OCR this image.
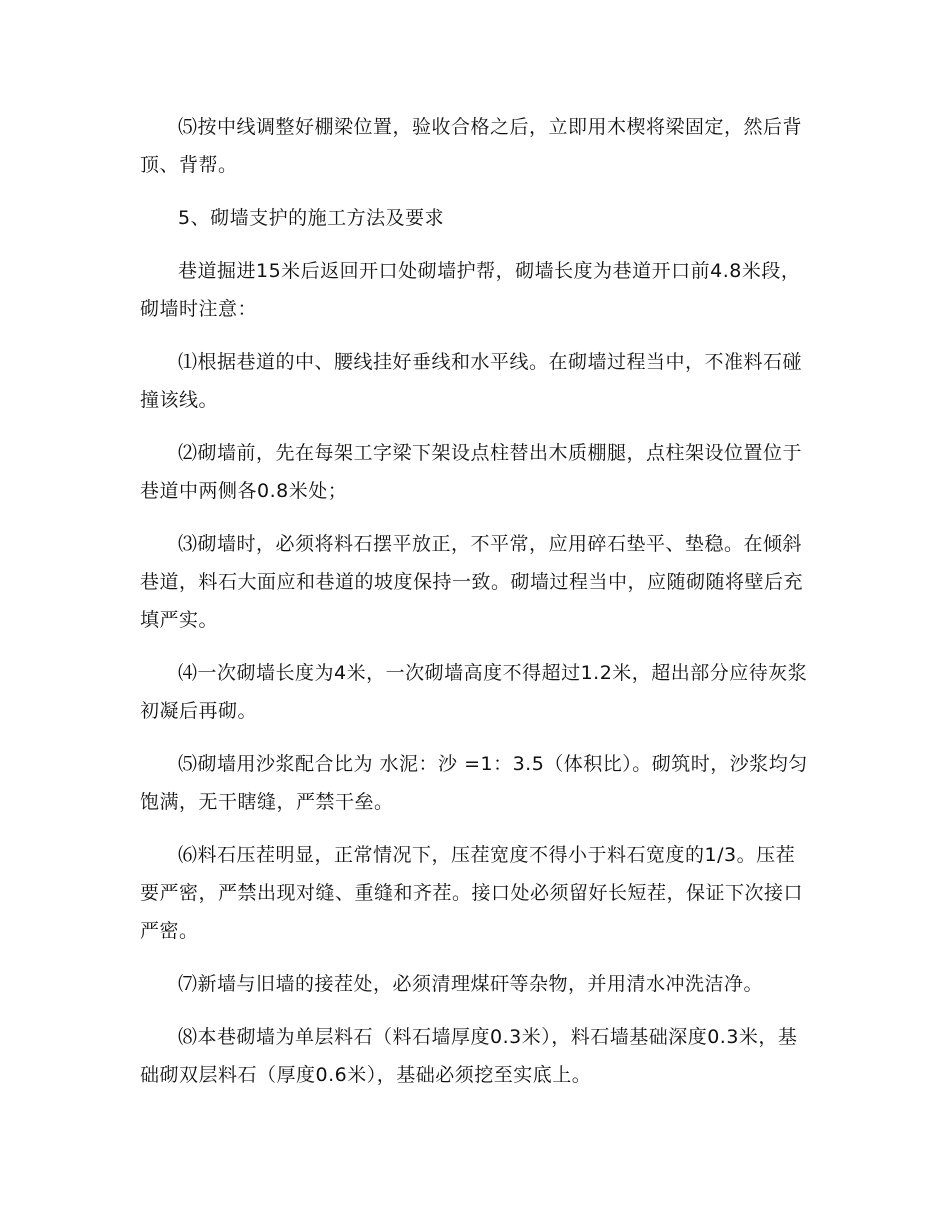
⑸按中线调整好棚梁位置，验收合格之后，立即用木楔将梁固定，然后背顶、背帮。

5、砌墙支护的施工方法及要求

巷道掘进15米后返回开口处砌墙护帮，砌墙长度为巷道开口前4.8米段，砌墙时注意：

⑴根据巷道的中、腰线挂好垂线和水平线。在砌墙过程当中，不准料石碰撞该线。

⑵砌墙前，先在每架工字梁下架设点柱替出木质棚腿，点柱架设位置位于巷道中两侧各0.8米处；

⑶砌墙时，必须将料石摆平放正，不平常，应用碎石垫平、垫稳。在倾斜巷道，料石大面应和巷道的坡度保持一致。砌墙过程当中，应随砌随将壁后充填严实。

⑷一次砌墙长度为4米，一次砌墙高度不得超过1.2米，超出部分应待灰浆初凝后再砌。

⑸砌墙用沙浆配合比为 水泥：沙 =1：3.5（体积比）。砌筑时，沙浆均匀饱满，无干瞎缝，严禁干垒。

⑹料石压茬明显，正常情况下，压茬宽度不得小于料石宽度的1/3。压茬要严密，严禁出现对缝、重缝和齐茬。接口处必须留好长短茬，保证下次接口严密。

⑺新墙与旧墙的接茬处，必须清理煤矸等杂物，并用清水冲洗洁净。

⑻本巷砌墙为单层料石（料石墙厚度0.3米），料石墙基础深度0.3米，基础砌双层料石（厚度0.6米），基础必须挖至实底上。
